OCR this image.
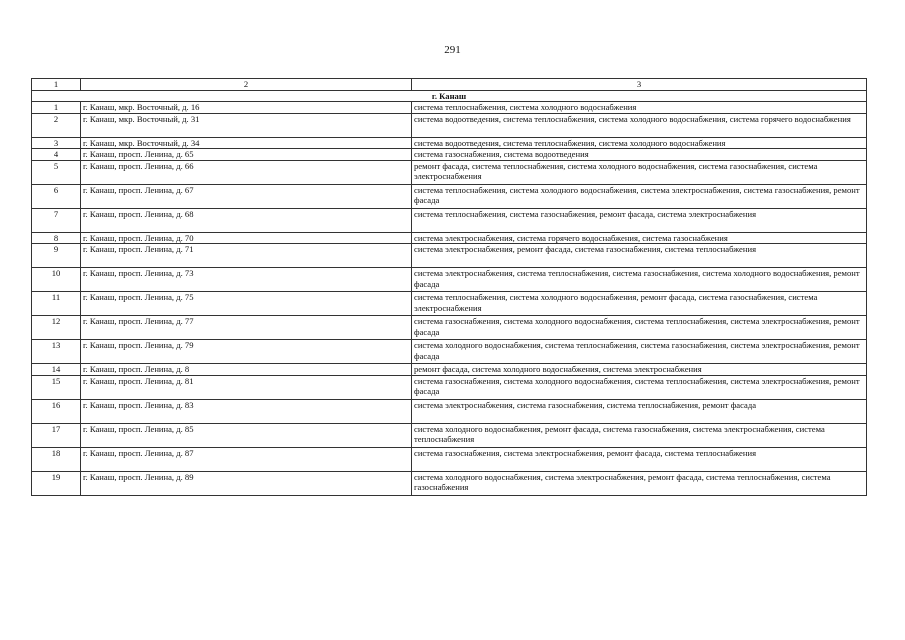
291
1	2	3
г. Канаш		
1	г. Канаш, мкр. Восточный, д. 16	система теплоснабжения, система холодного водоснабжения
2	г. Канаш, мкр. Восточный, д. 31	система водоотведения, система теплоснабжения, система холодного водоснабжения, система горячего водоснабжения
3	г. Канаш, мкр. Восточный, д. 34	система водоотведения, система теплоснабжения, система холодного водоснабжения
4	г. Канаш, просп. Ленина, д. 65	система газоснабжения, система водоотведения
5	г. Канаш, просп. Ленина, д. 66	ремонт фасада, система теплоснабжения, система холодного водоснабжения, система газоснабжения, система электроснабжения
6	г. Канаш, просп. Ленина, д. 67	система теплоснабжения, система холодного водоснабжения, система электроснабжения, система газоснабжения, ремонт фасада
7	г. Канаш, просп. Ленина, д. 68	система теплоснабжения, система газоснабжения, ремонт фасада, система электроснабжения
8	г. Канаш, просп. Ленина, д. 70	система электроснабжения, система горячего водоснабжения, система газоснабжения
9	г. Канаш, просп. Ленина, д. 71	система электроснабжения, ремонт фасада, система газоснабжения, система теплоснабжения
10	г. Канаш, просп. Ленина, д. 73	система электроснабжения, система теплоснабжения, система газоснабжения, система холодного водоснабжения, ремонт фасада
11	г. Канаш, просп. Ленина, д. 75	система теплоснабжения, система холодного водоснабжения, ремонт фасада, система газоснабжения, система электроснабжения
12	г. Канаш, просп. Ленина, д. 77	система газоснабжения, система холодного водоснабжения, система теплоснабжения, система электроснабжения, ремонт фасада
13	г. Канаш, просп. Ленина, д. 79	система холодного водоснабжения, система теплоснабжения, система газоснабжения, система электроснабжения, ремонт фасада
14	г. Канаш, просп. Ленина, д. 8	ремонт фасада, система холодного водоснабжения, система электроснабжения
15	г. Канаш, просп. Ленина, д. 81	система газоснабжения, система холодного водоснабжения, система теплоснабжения, система электроснабжения, ремонт фасада
16	г. Канаш, просп. Ленина, д. 83	система электроснабжения, система газоснабжения, система теплоснабжения, ремонт фасада
17	г. Канаш, просп. Ленина, д. 85	система холодного водоснабжения, ремонт фасада, система газоснабжения, система электроснабжения, система теплоснабжения
18	г. Канаш, просп. Ленина, д. 87	система газоснабжения, система электроснабжения, ремонт фасада, система теплоснабжения
19	г. Канаш, просп. Ленина, д. 89	система холодного водоснабжения, система электроснабжения, ремонт фасада, система теплоснабжения, система газоснабжения
